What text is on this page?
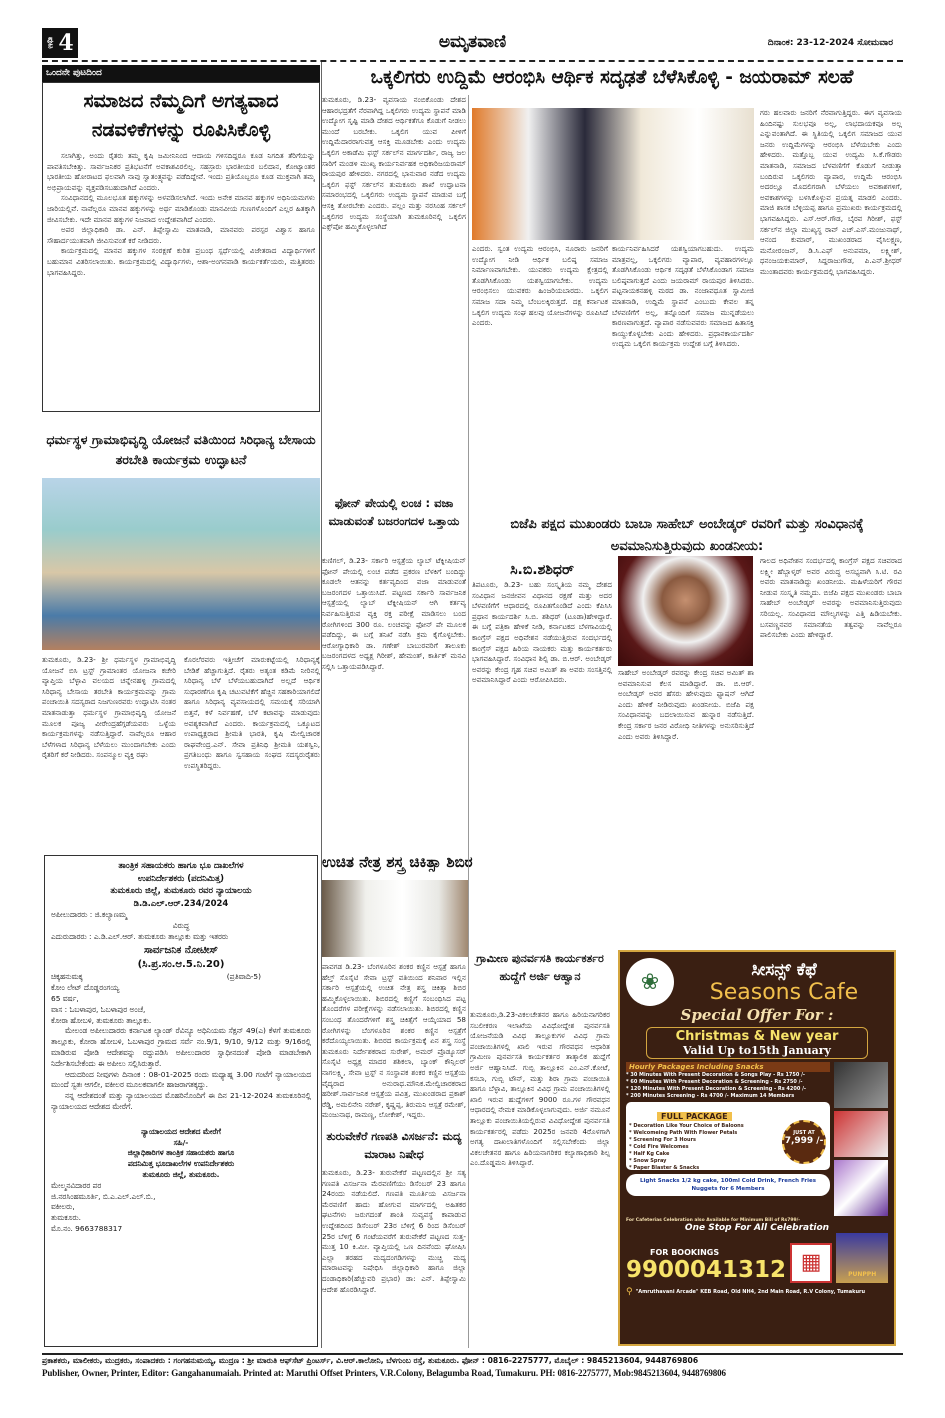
ಪುಟ 4	ಅಮೃತವಾಣಿ	ದಿನಾಂಕ: 23-12-2024 ಸೋಮವಾರ
ಒಂದನೇ ಪುಟದಿಂದ
ಸಮಾಜದ ನೆಮ್ಮದಿಗೆ ಅಗತ್ಯವಾದ ನಡವಳಿಕೆಗಳನ್ನು ರೂಪಿಸಿಕೊಳ್ಳಿ

ಸಲಾಗಿತ್ತು, ಅಂದು ರೈತರು ತಮ್ಮ ಕೃಷಿ ಜಮೀನಿನಿಂದ ಆದಾಯ ಗಳಿಸದಿದ್ದರೂ ಕೂಡ ನಿಗದಿತ ತೆರಿಗೆಯನ್ನು ಪಾವತಿಸಬೇಕಿತ್ತು. ಸಾರ್ವಜನಿಕರ ಪ್ರತಿಭಟನೆಗೆ ಅವಕಾಶವಿರಲಿಲ್ಲ. ಸಹಸ್ರಾರು ಭಾರತೀಯರ ಬಲಿದಾನ, ಕೋಟ್ಯಾಂತರ ಭಾರತೀಯ ಹೋರಾಟದ ಫಲವಾಗಿ ನಾವು ಸ್ವಾತಂತ್ರ್ಯವನ್ನು ಪಡೆದಿದ್ದೇವೆ. ಇಂದು ಪ್ರತಿಯೊಬ್ಬರೂ ಕೂಡ ಮುಕ್ತವಾಗಿ ತಮ್ಮ ಅಭಿಪ್ರಾಯವನ್ನು ವ್ಯಕ್ತಪಡಿಸಬಹುದಾಗಿದೆ ಎಂದರು.

ಸಂವಿಧಾನದಲ್ಲಿ ಮೂಲಭೂತ ಹಕ್ಕುಗಳನ್ನು ಅಳವಡಿಸಲಾಗಿದೆ. ಇಂದು ಅನೇಕ ಮಾನವ ಹಕ್ಕುಗಳ ಅಧಿನಿಯಮಗಳು ಜಾರಿಯಲ್ಲಿವೆ. ನಾವೆಲ್ಲರೂ ಮಾನವ ಹಕ್ಕುಗಳನ್ನು ಅರ್ಥ ಮಾಡಿಕೊಂಡು ಮಾನವೀಯ ಗುಣಗಳೊಂದಿಗೆ ಎಲ್ಲರ ಹಿತಕ್ಕಾಗಿ ಜೀವಿಸಬೇಕು. ಇದೇ ಮಾನವ ಹಕ್ಕುಗಳ ನಿಜವಾದ ಉದ್ದೇಶವಾಗಿದೆ ಎಂದರು.

ಅಪರ ಜಿಲ್ಲಾಧಿಕಾರಿ ಡಾ. ಎನ್. ತಿಪ್ಪೇಸ್ವಾಮಿ ಮಾತನಾಡಿ, ಮಾನವರು ಪರಸ್ಪರ ವಿಶ್ವಾಸ ಹಾಗೂ ಸೌಹಾರ್ದಯುತವಾಗಿ ಜೀವಿಸುವಂತೆ ಕರೆ ನೀಡಿದರು.

ಕಾರ್ಯಕ್ರಮದಲ್ಲಿ ಮಾನವ ಹಕ್ಕುಗಳ ಸಂರಕ್ಷಣೆ ಕುರಿತ ಪ್ರಬಂಧ ಸ್ಪರ್ಧೆಯಲ್ಲಿ ವಿಜೇತರಾದ ವಿದ್ಯಾರ್ಥಿಗಳಿಗೆ ಬಹುಮಾನ ವಿತರಿಸಲಾಯಿತು. ಕಾರ್ಯಕ್ರಮದಲ್ಲಿ ವಿದ್ಯಾರ್ಥಿಗಳು, ಆಶಾ-ಅಂಗನವಾಡಿ ಕಾರ್ಯಕರ್ತೆಯರು, ಮತ್ತಿತರರು ಭಾಗವಹಿಸಿದ್ದರು.

ಧರ್ಮಸ್ಥಳ ಗ್ರಾಮಾಭಿವೃದ್ಧಿ ಯೋಜನೆ ವತಿಯಿಂದ ಸಿರಿಧಾನ್ಯ ಬೇಸಾಯ ತರಬೇತಿ ಕಾರ್ಯಕ್ರಮ ಉದ್ಘಾಟನೆ
ತುಮಕೂರು, ಡಿ.23- ಶ್ರೀ ಧರ್ಮಸ್ಥಳ ಗ್ರಾಮಾಭಿವೃದ್ಧಿ ಯೋಜನೆ ಬಿಸಿ ಟ್ರಸ್ಟ್ ಗ್ರಾಮಾಂತರ ಯೋಜನಾ ಕಚೇರಿ ವ್ಯಾಪ್ತಿಯ ಬೆಳ್ಳಾವಿ ವಲಯದ ಚನ್ನೇನಹಳ್ಳಿ ಗ್ರಾಮದಲ್ಲಿ ಸಿರಿಧಾನ್ಯ ಬೇಸಾಯ ತರಬೇತಿ ಕಾರ್ಯಕ್ರಮವನ್ನು ಗ್ರಾಮ ಪಂಚಾಯಿತಿ ಸದಸ್ಯರಾದ ನಿಜಗುಣರವರು ಉದ್ಘಾಟಿಸಿ ನಂತರ ಮಾತನಾಡುತ್ತಾ ಧರ್ಮಸ್ಥಳ ಗ್ರಾಮಾಭಿವೃದ್ಧಿ ಯೋಜನೆ ಮೂಲಕ ಪೂಜ್ಯ ವೀರೇಂದ್ರಹೆಗ್ಗಡೆಯವರು ಒಳ್ಳೆಯ ಕಾರ್ಯಕ್ರಮಗಳನ್ನು ನಡೆಸುತ್ತಿದ್ದಾರೆ. ನಾವೆಲ್ಲರೂ ಆಹಾರ ಬೆಳೆಗಳಾದ ಸಿರಿಧಾನ್ಯ ಬೆಳೆಯಲು ಮುಂದಾಗಬೇಕು ಎಂದು ರೈತರಿಗೆ ಕರೆ ನೀಡಿದರು. ಸಂಪನ್ಮೂಲ ವ್ಯಕ್ತಿ ರಘು
ಕೊರಲೆರವರು ಇತ್ತೀಚೆಗೆ ಮಾರುಕಟ್ಟೆಯಲ್ಲಿ ಸಿರಿಧಾನ್ಯಕ್ಕೆ ಬೇಡಿಕೆ ಹೆಚ್ಚಾಗುತ್ತಿದೆ. ರೈತರು ಅತ್ಯಂತ ಕಡಿಮೆ ನೀರಿನಲ್ಲಿ ಸಿರಿಧಾನ್ಯ ಬೆಳೆ ಬೆಳೆಯಬಹುದಾಗಿದೆ ಅಲ್ಲದೆ ಆರ್ಥಿಕ ಸುಧಾರಣೆಗೂ ಕೃಷಿ ಚಟುವಟಿಕೆಗೆ ಹೆಚ್ಚಿನ ಸಹಕಾರಿಯಾಗಲಿದೆ ಹಾಗೂ ಸಿರಿಧಾನ್ಯ ವ್ಯವಸಾಯದಲ್ಲಿ ಸಮಯಕ್ಕೆ ಸರಿಯಾಗಿ ಬಿತ್ತನೆ, ಕಳೆ ನಿರ್ವಹಣೆ, ಬೆಳೆ ಕಟಾವನ್ನು ಮಾಡುವುದು ಅವಶ್ಯಕವಾಗಿದೆ ಎಂದರು. ಕಾರ್ಯಕ್ರಮದಲ್ಲಿ ಒಕ್ಕೂಟದ ಉಪಾಧ್ಯಕ್ಷರಾದ ಶ್ರೀಮತಿ ಭಾರತಿ, ಕೃಷಿ ಮೇಲ್ವಿಚಾರಕ ರಾಘವೇಂದ್ರ.ಎನ್. ಸೇವಾ ಪ್ರತಿನಿಧಿ ಶ್ರೀಮತಿ ಯಶಸ್ವಿನಿ, ಪ್ರಗತಿಬಂಧು ಹಾಗೂ ಸ್ವಸಹಾಯ ಸಂಘದ ಸದಸ್ಯರುರೈತರು ಉಪಸ್ಥಿತರಿದ್ದರು.
ತಾಂತ್ರಿಕ ಸಹಾಯಕರು ಹಾಗೂ ಭೂ ದಾಖಲೆಗಳ
ಉಪನಿರ್ದೇಶಕರು (ಪದನಿಮಿತ್ತ)
ತುಮಕೂರು ಜಿಲ್ಲೆ, ತುಮಕೂರು ರವರ ನ್ಯಾಯಾಲಯ
ಡಿ.ಡಿ.ಎಲ್.ಆರ್.234/2024
ಅಪೀಲುದಾರರು : ಜಿ.ಕಲ್ಯಾಣಮ್ಮ
ವಿರುದ್ಧ
ಎದುರುದಾರರು : ಎ.ಡಿ.ಎಲ್.ಆರ್. ತುಮಕೂರು ತಾಲ್ಲೂಕು ಮತ್ತು ಇತರರು
ಸಾರ್ವಜನಿಕ ನೋಟೀಸ್
(ಸಿ.ಪ್ರ.ಸಂ.ಆ.5.ನಿ.20)
ಚಿಕ್ಕಹನುಮಕ್ಕ	(ಪ್ರತಿವಾದಿ-5)
ಕೋಂ ಲೇಟ್ ದೊಡ್ಡರಂಗಯ್ಯ
65 ವರ್ಷ,
ವಾಸ : ಓಬಳಾಪುರ, ಓಬಳಾಪುರ ಅಂಚೆ,
ಕೋರಾ ಹೋಬಳಿ, ತುಮಕೂರು ತಾಲ್ಲೂಕು.

ಮೇಲಂಡ ಅಪೀಲುದಾರರು ಕರ್ನಾಟಕ ಲ್ಯಾಂಡ್ ರೆವಿನ್ಯೂ ಅಧಿನಿಯಮ ಸೆಕ್ಷನ್ 49(ಎ) ಕೆಳಗೆ ತುಮಕೂರು ತಾಲ್ಲೂಕು, ಕೋರಾ ಹೋಬಳಿ, ಓಬಳಾಪುರ ಗ್ರಾಮದ ಸರ್ವೆ ನಂ.9/1, 9/10, 9/12 ಮತ್ತು 9/16ರಲ್ಲಿ ಮಾಡಿರುವ ಪೋಡಿ ಆದೇಶವನ್ನು ರದ್ದುಪಡಿಸಿ ಅಪೀಲುದಾರರ ಸ್ವಾಧೀನದಂತೆ ಪೋಡಿ ಮಾಡಬೇಕಾಗಿ ನಿರ್ದೇಶಿಸಬೇಕೆಂದು ಈ ಅಪೀಲು ಸಲ್ಲಿಸಿರುತ್ತಾರೆ.

ಆದುದರಿಂದ ನೀವುಗಳು ದಿನಾಂಕ : 08-01-2025 ರಂದು ಮಧ್ಯಾಹ್ನ 3.00 ಗಂಟೆಗೆ ನ್ಯಾಯಾಲಯದ ಮುಂದೆ ಸ್ವತಃ ಆಗಲೀ, ವಕೀಲರ ಮೂಲಕವಾಗಲೀ ಹಾಜರಾಗತಕ್ಕದ್ದು.

ನನ್ನ ಆದೇಶದಂತೆ ಮತ್ತು ನ್ಯಾಯಾಲಯದ ಮೊಹರಿನೊಂದಿಗೆ ಈ ದಿನ 21-12-2024 ತುಮಕೂರಿನಲ್ಲಿ ನ್ಯಾಯಾಲಯದ ಆದೇಶದ ಮೇರೆಗೆ.

ನ್ಯಾಯಾಲಯದ ಆದೇಶದ ಮೇರೆಗೆ
ಸಹಿ/-
ಜಿಲ್ಲಾಧಿಕಾರಿಗಳ ತಾಂತ್ರಿಕ ಸಹಾಯಕರು ಹಾಗೂ
ಪದನಿಮಿತ್ತ ಭೂದಾಖಲೆಗಳ ಉಪನಿರ್ದೇಶಕರು
ತುಮಕೂರು ಜಿಲ್ಲೆ, ತುಮಕೂರು.
ಮೇಲ್ಮನವಿದಾರರ ಪರ
ಜಿ.ನರಸಿಂಹಮೂರ್ತಿ, ಬಿ.ಎ.ಎಲ್.ಎಲ್.ಬಿ.,
ವಕೀಲರು,
ತುಮಕೂರು.
ಮೊ.ನಂ. 9663788317
ಒಕ್ಕಲಿಗರು ಉದ್ದಿಮೆ ಆರಂಭಿಸಿ ಆರ್ಥಿಕ ಸದೃಢತೆ ಬೆಳೆಸಿಕೊಳ್ಳಿ - ಜಯರಾಮ್ ಸಲಹೆ
ತುಮಕೂರು, ಡಿ.23- ವ್ಯವಸಾಯ ನಂಬಿಕೊಂಡು ದೇಶದ ಆಹಾರಭದ್ರತೆಗೆ ನೆರವಾಗಿದ್ದ ಒಕ್ಕಲಿಗರು ಉದ್ಯಮ ಸ್ಥಾಪನೆ ಮಾಡಿ ಉದ್ಯೋಗ ಸೃಷ್ಟಿ ಮಾಡಿ ದೇಶದ ಆರ್ಥಿಕತೆಗೂ ಕೊಡುಗೆ ನೀಡಲು ಮುಂದೆ ಬರಬೇಕು. ಒಕ್ಕಲಿಗ ಯುವ ಪೀಳಿಗೆ ಉದ್ದಿಮೆದಾರರಾಗುವತ್ತ ಆಸಕ್ತಿ ಮೂಡಬೇಕು ಎಂದು ಉದ್ಯಮ ಒಕ್ಕಲಿಗ ಅಕಾಡೆಮಿ ಫಸ್ಟ್ ಸರ್ಕಲ್‌ನ ಮಾರ್ಗದರ್ಶಿ, ರಾಜ್ಯ ಜಲ ಸಾರಿಗೆ ಮಂಡಳಿ ಮುಖ್ಯ ಕಾರ್ಯನಿರ್ವಹಕ ಅಧಿಕಾರಿಜಯರಾಮ್ ರಾಯಪುರ ಹೇಳಿದರು. ನಗರದಲ್ಲಿ ಭಾನುವಾರ ನಡೆದ ಉದ್ಯಮ ಒಕ್ಕಲಿಗ ಫಸ್ಟ್ ಸರ್ಕಲ್‌ನ ತುಮಕೂರು ಶಾಖೆ ಉದ್ಘಾಟನಾ ಸಮಾರಂಭದಲ್ಲಿ ಒಕ್ಕಲಿಗರು ಉದ್ಯಮ ಸ್ಥಾಪನೆ ಮಾಡುವ ಬಗ್ಗೆ ಆಸಕ್ತಿ ತೋರಬೇಕು ಎಂದರು. ಪಲ್ಲಂ ಮತ್ತು ನರಸಿಂಹ ಸರ್ಕಲ್ ಒಕ್ಕಲಿಗರ ಉದ್ಯಮ ಸಂಸ್ಥೆಯಾಗಿ ತುಮಕೂರಿನಲ್ಲಿ ಒಕ್ಕಲಿಗ ಎಕ್ಸ್‌ಪೋ ಹಮ್ಮಿಕೊಳ್ಳಲಾಗಿದೆ
ಎಂದರು. ಸ್ವಂತ ಉದ್ಯಮ ಆರಂಭಿಸಿ, ನೂರಾರು ಜನರಿಗೆ ಉದ್ಯೋಗ ನೀಡಿ ಆರ್ಥಿಕ ಬಲಿಷ್ಠ ಸಮಾಜ ನಿರ್ಮಾಣವಾಗಬೇಕು. ಯುವಕರು ಉದ್ಯಮ ಕ್ಷೇತ್ರದಲ್ಲಿ ತೊಡಗಿಸಿಕೊಂಡು ಯಶಸ್ವಿಯಾಗಬೇಕು. ಉದ್ಯಮ ಆರಂಭಿಸಲು ಯುವಕರು ಹಿಂಜರಿಯಬಾರದು. ಒಕ್ಕಲಿಗ ಸಮಾಜ ಸದಾ ನಿಮ್ಮ ಬೆಂಬಲಕ್ಕಿರುತ್ತದೆ. ದಕ್ಷ ಕರ್ನಾಟಕ ಒಕ್ಕಲಿಗ ಉದ್ಯಮ ಸಂಘ ಹಲವು ಯೋಜನೆಗಳನ್ನು ರೂಪಿಸಿದೆ ಎಂದರು.
ಕಾರ್ಯನಿರ್ವಹಿಸಿದರೆ ಯಶಸ್ವಿಯಾಗಬಹುದು. ಉದ್ಯಮ ಮಾತ್ರವಲ್ಲ, ಒಕ್ಕಲಿಗರು ವ್ಯಾಪಾರ, ವ್ಯವಹಾರಗಳಲ್ಲೂ ತೊಡಗಿಸಿಕೊಂಡು ಆರ್ಥಿಕ ಸದೃಢತೆ ಬೆಳೆಸಿಕೊಂಡಾಗ ಸಮಾಜ ಬಲಿಷ್ಠವಾಗುತ್ತದೆ ಎಂದು ಜಯರಾಮ್ ರಾಯಪುರ ತಿಳಿಸಿದರು. ಪಟ್ಟನಾಯಕನಹಳ್ಳಿ ಮಠದ ಡಾ. ನಂಜಾವಧೂತ ಸ್ವಾಮೀಜಿ ಮಾತನಾಡಿ, ಉದ್ದಿಮೆ ಸ್ಥಾಪನೆ ಎಂಬುದು ಕೇವಲ ತನ್ನ ಬೆಳವಣಿಗೆಗೆ ಅಲ್ಲ, ತನ್ನೊಂದಿಗೆ ಸಮಾಜ ಮುನ್ನಡೆಯಲು ಕಾರಣವಾಗುತ್ತದೆ. ವ್ಯಾಪಾರ ನಡೆಸುವವರು ಸಮಾಜದ ಹಿತಾಸಕ್ತಿ ಕಾಯ್ದುಕೊಳ್ಳಬೇಕು ಎಂದು ಹೇಳಿದರು. ಪ್ರಧಾನಕಾರ್ಯದರ್ಶಿ ಉದ್ಯಮ ಒಕ್ಕಲಿಗ ಕಾರ್ಯಕ್ರಮ ಉದ್ದೇಶ ಬಗ್ಗೆ ತಿಳಿಸಿದರು.
ಗರು ಹಲವಾರು ಜನರಿಗೆ ನೆರವಾಗುತ್ತಿದ್ದರು. ಈಗ ವ್ಯವಸಾಯ ಹಿಂದಿನಷ್ಟು ಸುಲಭವೂ ಅಲ್ಲ, ಲಾಭದಾಯಕವೂ ಅಲ್ಲ ಎನ್ನುವಂತಾಗಿದೆ. ಈ ಸ್ಥಿತಿಯಲ್ಲಿ ಒಕ್ಕಲಿಗ ಸಮಾಜದ ಯುವ ಜನರು ಉದ್ದಿಮೆಗಳನ್ನು ಆರಂಭಿಸಿ ಬೆಳೆಯಬೇಕು ಎಂದು ಹೇಳಿದರು. ಮತ್ತೊಬ್ಬ ಯುವ ಉದ್ಯಮಿ ಸಿ.ಕೆ.ಗೌಡರು ಮಾತನಾಡಿ, ಸಮಾಜದ ಬೆಳವಣಿಗೆಗೆ ಕೊಡುಗೆ ನೀಡುತ್ತಾ ಬಂದಿರುವ ಒಕ್ಕಲಿಗರು ವ್ಯಾಪಾರ, ಉದ್ದಿಮೆ ಆರಂಭಿಸಿ ಅದರಲ್ಲೂ ಮೊದಲಿಗರಾಗಿ ಬೆಳೆಯಲು ಅವಕಾಶಗಳಿಗೆ, ಅವಕಾಶಗಳನ್ನು ಬಳಸಿಕೊಳ್ಳುವ ಪ್ರಯತ್ನ ಮಾಡಲಿ ಎಂದರು. ಮಾಜಿ ಶಾಸಕ ಬೆಳ್ಳಿಯಪ್ಪ ಹಾಗೂ ಪ್ರಮುಖರು ಕಾರ್ಯಕ್ರಮದಲ್ಲಿ ಭಾಗವಹಿಸಿದ್ದರು. ಎಸ್.ಆರ್.ಗೌಡ, ಬೈರವ ಗಿರೀಶ್, ಫಸ್ಟ್ ಸರ್ಕಲ್‌ನ ಜಿಲ್ಲಾ ಮುಖ್ಯಸ್ಥ ರಾವ್ ಎಚ್.ಎಸ್.ಮಂಜುನಾಥ್, ಆನಂದ ಕುಮಾರ್, ಮುಖಂಡರಾದ ವೈಸಿಲಕ್ಷ್ಮಣ, ಮನೋರಂಜನ್, ಡಿ.ಸಿ.ಎಫ್ ಅನುಪಮಾ, ಲಕ್ಷ್ಮೀಶ್, ಧನಂಜಯಕುಮಾರ್, ಸಿದ್ದರಾಜುಗೌಡ, ಪಿ.ಎನ್.ಶ್ರೀಧರ್ ಮುಂತಾದವರು ಕಾರ್ಯಕ್ರಮದಲ್ಲಿ ಭಾಗವಹಿಸಿದ್ದರು.
ಫೋನ್ ಪೇಯಲ್ಲಿ ಲಂಚ : ವಜಾ ಮಾಡುವಂತೆ ಬಜರಂಗದಳ ಒತ್ತಾಯ
ಕುಣಿಗಲ್, ಡಿ.23- ಸರ್ಕಾರಿ ಆಸ್ಪತ್ರೆಯ ಲ್ಯಾಬ್ ಟೆಕ್ನೀಷಿಯನ್ ಫೋನ್ ಪೇಯಲ್ಲಿ ಲಂಚ ಪಡೆದ ಪ್ರಕರಣ ಬೆಳಕಿಗೆ ಬಂದಿದ್ದು ಕೂಡಲೇ ಆತನನ್ನು ಕರ್ತವ್ಯದಿಂದ ವಜಾ ಮಾಡುವಂತೆ ಬಜರಂಗದಳ ಒತ್ತಾಯಿಸಿದೆ. ಪಟ್ಟಣದ ಸರ್ಕಾರಿ ಸಾರ್ವಜನಿಕ ಆಸ್ಪತ್ರೆಯಲ್ಲಿ ಲ್ಯಾಬ್ ಟೆಕ್ನೀಷಿಯನ್ ಆಗಿ ಕರ್ತವ್ಯ ನಿರ್ವಹಿಸುತ್ತಿರುವ ವ್ಯಕ್ತಿ ರಕ್ತ ಪರೀಕ್ಷೆ ಮಾಡಿಸಲು ಬಂದ ರೋಗಿಗಳಿಂದ 300 ರೂ. ಲಂಚವನ್ನು ಫೋನ್ ಪೇ ಮೂಲಕ ಪಡೆದಿದ್ದು, ಈ ಬಗ್ಗೆ ತನಿಖೆ ನಡೆಸಿ ಕ್ರಮ ಕೈಗೊಳ್ಳಬೇಕು. ಆರೋಗ್ಯಾಧಿಕಾರಿ ಡಾ. ಗಣೇಶ್ ಬಾಬುರವರಿಗೆ ತಾಲೂಕು ಬಜರಂಗದಳದ ಅಧ್ಯಕ್ಷ ಗಿರೀಶ್, ಹೇಮಂತ್, ಕಾರ್ತಿಕ್ ಮನವಿ ಸಲ್ಲಿಸಿ ಒತ್ತಾಯಪಡಿಸಿದ್ದಾರೆ.
ಉಚಿತ ನೇತ್ರ ಶಸ್ತ್ರ ಚಿಕಿತ್ಸಾ ಶಿಬಿರ
ಪಾವಗಡ ಡಿ.23- ಬೆಂಗಳೂರಿನ ಶಂಕರ ಕಣ್ಣಿನ ಆಸ್ಪತ್ರೆ ಹಾಗೂ ಹೆಲ್ತ್ ಸೊಸೈಟಿ ಸೇವಾ ಟ್ರಸ್ಟ್ ವತಿಯಿಂದ ಶನಿವಾರ ಇಲ್ಲಿನ ಸರ್ಕಾರಿ ಆಸ್ಪತ್ರೆಯಲ್ಲಿ ಉಚಿತ ನೇತ್ರ ಶಸ್ತ್ರ ಚಿಕಿತ್ಸಾ ಶಿಬಿರ ಹಮ್ಮಿಕೊಳ್ಳಲಾಯಿತು. ಶಿಬಿರದಲ್ಲಿ ಕಣ್ಣಿಗೆ ಸಂಬಂಧಿಸಿದ ಪಟ್ಟ ತೊಂದರೆಗಳ ಪರೀಕ್ಷೆಗಳನ್ನು ನಡೆಸಲಾಯಿತು. ಶಿಬಿರದಲ್ಲಿ ಕಣ್ಣಿನ ಸಂಬಂಧ ತೊಂದರೆಗಳಿಗೆ ಶಸ್ತ್ರ ಚಿಕಿತ್ಸೆಗೆ ಆಯ್ಕೆಯಾದ 58 ರೋಗಿಗಳನ್ನು ಬೆಂಗಳೂರಿನ ಶಂಕರ ಕಣ್ಣಿನ ಆಸ್ಪತ್ರೆಗೆ ಕರೆದೊಯ್ಯಲಾಯಿತು. ಶಿಬಿರದ ಕಾರ್ಯಕ್ರಮಕ್ಕೆ ಏನ ಶಸ್ತ್ರ ಸಂಸ್ಥೆ ತುಮಕೂರು ನಿರ್ದೇಶಕರಾದ ಸುರೇಶ್, ಅಮರ್ ಪ್ರೊಡ್ಯೂಸರ್ ಸೊಸೈಟಿ ಅಧ್ಯಕ್ಷ ಮಾದರ ಶಶಿಕಲಾ, ಬ್ಯಾಂಕ್ ಕೌನ್ಸಿಲರ್ ನಾಗಲಕ್ಷ್ಮಿ, ಸೇವಾ ಟ್ರಸ್ಟ್ ನ ಸಂಸ್ಥಾಪಕ ಶಂಕರ ಕಣ್ಣಿನ ಆಸ್ಪತ್ರೆಯ ವೈದ್ಯರಾದ ಅನುರಾಧ.ಮೌನಿಕ.ಮೇಲ್ವಿಚಾರಕರಾದ ಹರೀಶ್.ಸಾರ್ವಜನಿಕ ಆಸ್ಪತ್ರೆಯ ಪವಿತ್ರ, ಮುಖಂಡರಾದ ಪ್ರಕಾಶ್ ರೆಡ್ಡಿ, ಅಮಲಿನೇನಿ ನರೇಶ್, ಕೃಷ್ಣಪ್ಪ, ತಿರುಮನಿ ಆಸ್ಪತ್ರೆ ರಮೇಶ್, ಮಂಜುನಾಥ, ರಾಮಣ್ಣ, ಲೋಕೇಶ್, ಇದ್ದರು.
ತುರುವೇಕೆರೆ ಗಣಪತಿ ವಿಸರ್ಜನೆ: ಮದ್ಯ ಮಾರಾಟ ನಿಷೇಧ
ತುಮಕೂರು, ಡಿ.23- ತುರುವೇಕೆರೆ ಪಟ್ಟಣದಲ್ಲಿನ ಶ್ರೀ ಸತ್ಯ ಗಣಪತಿ ವಿಸರ್ಜನಾ ಮೆರವಣಿಗೆಯು ಡಿಸೆಂಬರ್ 23 ಹಾಗೂ 24ರಂದು ನಡೆಯಲಿದೆ. ಗಣಪತಿ ಮೂರ್ತಿಯ ವಿಸರ್ಜನಾ ಮೆರವಣಿಗೆ ಹಾದು ಹೋಗುವ ಮಾರ್ಗದಲ್ಲಿ ಅಹಿತಕರ ಘಟನೆಗಳು ಜರುಗದಂತೆ ಶಾಂತಿ ಸುವ್ಯವಸ್ಥೆ ಕಾಪಾಡುವ ಉದ್ದೇಶದಿಂದ ಡಿಸೆಂಬರ್ 23ರ ಬೆಳಿಗ್ಗೆ 6 ರಿಂದ ಡಿಸೆಂಬರ್ 25ರ ಬೆಳಿಗ್ಗೆ 6 ಗಂಟೆಯವರೆಗೆ ತುರುವೇಕೆರೆ ಪಟ್ಟಣದ ಸುತ್ತ-ಮುತ್ತ 10 ಕಿ.ಮೀ. ವ್ಯಾಪ್ತಿಯಲ್ಲಿ ಒಣ ದಿನವೆಂದು ಘೋಷಿಸಿ ಎಲ್ಲಾ ತರಹದ ಮದ್ಯದಂಗಡಿಗಳನ್ನು ಮುಚ್ಚಿ ಮದ್ಯ ಮಾರಾಟವನ್ನು ನಿಷೇಧಿಸಿ ಜಿಲ್ಲಾಧಿಕಾರಿ ಹಾಗೂ ಜಿಲ್ಲಾ ದಂಡಾಧಿಕಾರಿ(ಹೆಚ್ಚುವರಿ ಪ್ರಭಾರ) ಡಾ: ಎನ್. ತಿಪ್ಪೇಸ್ವಾಮಿ ಆದೇಶ ಹೊರಡಿಸಿದ್ದಾರೆ.
ಬಿಜೆಪಿ ಪಕ್ಷದ ಮುಖಂಡರು ಬಾಬಾ ಸಾಹೇಬ್ ಅಂಬೇಡ್ಕರ್ ರವರಿಗೆ ಮತ್ತು ಸಂವಿಧಾನಕ್ಕೆ ಅವಮಾನಿಸುತ್ತಿರುವುದು ಖಂಡನೀಯ:
ಸಿ.ಬಿ.ಶಶಿಧರ್
ತಿಪಟೂರು, ಡಿ.23- ಬಹು ಸಂಸ್ಕೃತಿಯ ನಮ್ಮ ದೇಶದ ಸಂವಿಧಾನ ಜನಜೀವನ ವಿಧಾನದ ರಕ್ಷಣೆ ಮತ್ತು ಅದರ ಬೆಳವಣಿಗೆಗೆ ಆಧಾರದಲ್ಲಿ ರೂಪಿತಗೊಂಡಿದೆ ಎಂದು ಕೆಪಿಸಿಸಿ ಪ್ರಧಾನ ಕಾರ್ಯದರ್ಶಿ ಸಿ.ಬಿ. ಶಶಿಧರ್ (ಟೂಡಾ)ಹೇಳಿದ್ದಾರೆ. ಈ ಬಗ್ಗೆ ಪತ್ರಿಕಾ ಹೇಳಿಕೆ ನೀಡಿ, ಕರ್ನಾಟಕದ ಬೆಳಗಾವಿಯಲ್ಲಿ ಕಾಂಗ್ರೆಸ್ ಪಕ್ಷದ ಅಧಿವೇಶನ ನಡೆಯುತ್ತಿರುವ ಸಂದರ್ಭದಲ್ಲಿ ಕಾಂಗ್ರೆಸ್ ಪಕ್ಷದ ಹಿರಿಯ ನಾಯಕರು ಮತ್ತು ಕಾರ್ಯಕರ್ತರು ಭಾಗವಹಿಸಿದ್ದಾರೆ. ಸಂವಿಧಾನ ಶಿಲ್ಪಿ ಡಾ. ಬಿ.ಆರ್. ಅಂಬೇಡ್ಕರ್ ಅವರನ್ನು ಕೇಂದ್ರ ಗೃಹ ಸಚಿವ ಅಮಿತ್ ಶಾ ಅವರು ಸಂಸತ್ತಿನಲ್ಲಿ ಅವಮಾನಿಸಿದ್ದಾರೆ ಎಂದು ಆರೋಪಿಸಿದರು.
ಸಾಹೇಬ್ ಅಂಬೇಡ್ಕರ್ ರವರನ್ನು ಕೇಂದ್ರ ಸಚಿವ ಅಮಿತ್ ಶಾ ಅವಮಾನಿಸುವ ಕೆಲಸ ಮಾಡಿದ್ದಾರೆ. ಡಾ. ಬಿ.ಆರ್. ಅಂಬೇಡ್ಕರ್ ಅವರ ಹೆಸರು ಹೇಳುವುದು ಫ್ಯಾಷನ್ ಆಗಿದೆ ಎಂದು ಹೇಳಿಕೆ ನೀಡಿರುವುದು ಖಂಡನೀಯ. ಬಿಜೆಪಿ ಪಕ್ಷ ಸಂವಿಧಾನವನ್ನು ಬದಲಾಯಿಸುವ ಹುನ್ನಾರ ನಡೆಸುತ್ತಿದೆ. ಕೇಂದ್ರ ಸರ್ಕಾರ ಜನರ ವಿರೋಧಿ ನೀತಿಗಳನ್ನು ಅನುಸರಿಸುತ್ತಿದೆ ಎಂದು ಅವರು ತಿಳಿಸಿದ್ದಾರೆ.
ಗಾಲದ ಅಧಿವೇಶನ ಸಂದರ್ಭದಲ್ಲಿ ಕಾಂಗ್ರೆಸ್ ಪಕ್ಷದ ಸಚಿವರಾದ ಲಕ್ಷ್ಮೀ ಹೆಬ್ಬಾಳ್ಕರ್ ಅವರ ವಿರುದ್ಧ ಅಸಭ್ಯವಾಗಿ ಸಿ.ಟಿ. ರವಿ ಅವರು ಮಾತನಾಡಿದ್ದು ಖಂಡನೀಯ. ಮಹಿಳೆಯರಿಗೆ ಗೌರವ ನೀಡುವ ಸಂಸ್ಕೃತಿ ನಮ್ಮದು. ಬಿಜೆಪಿ ಪಕ್ಷದ ಮುಖಂಡರು ಬಾಬಾ ಸಾಹೇಬ್ ಅಂಬೇಡ್ಕರ್ ಅವರನ್ನು ಅವಮಾನಿಸುತ್ತಿರುವುದು ಸರಿಯಲ್ಲ. ಸಂವಿಧಾನದ ಮೌಲ್ಯಗಳನ್ನು ಎತ್ತಿ ಹಿಡಿಯಬೇಕು. ಬಸವಣ್ಣನವರ ಸಮಾನತೆಯ ತತ್ವವನ್ನು ನಾವೆಲ್ಲರೂ ಪಾಲಿಸಬೇಕು ಎಂದು ಹೇಳಿದ್ದಾರೆ.
ಗ್ರಾಮೀಣ ಪುನರ್ವಸತಿ ಕಾರ್ಯಕರ್ತರ ಹುದ್ದೆಗೆ ಅರ್ಜಿ ಆಹ್ವಾನ
ತುಮಕೂರು,ಡಿ.23-ವಿಕಲಚೇತನರ ಹಾಗೂ ಹಿರಿಯನಾಗರಿಕರ ಸಬಲೀಕರಣ ಇಲಾಖೆಯ ವಿವಿಧೋದ್ದೇಶ ಪುನರ್ವಸತಿ ಯೋಜನೆಯಡಿ ವಿವಿಧ ತಾಲ್ಲೂಕುಗಳ ವಿವಿಧ ಗ್ರಾಮ ಪಂಚಾಯಿತಿಗಳಲ್ಲಿ ಖಾಲಿ ಇರುವ ಗೌರವಧನ ಆಧಾರಿತ ಗ್ರಾಮೀಣ ಪುನರ್ವಸತಿ ಕಾರ್ಯಕರ್ತರ ತಾತ್ಕಾಲಿಕ ಹುದ್ದೆಗೆ ಅರ್ಜಿ ಆಹ್ವಾನಿಸಿದೆ. ಗುಬ್ಬಿ ತಾಲ್ಲೂಕಿನ ಎಂ.ಎನ್.ಕೋಟೆ, ಕಸಬಾ, ಗುಬ್ಬಿ ಟೌನ್, ಮತ್ತು ಶಿರಾ ಗ್ರಾಮ ಪಂಚಾಯಿತಿ ಹಾಗೂ ಬೆಳ್ಳಾವಿ, ತಾಲ್ಲೂಕಿನ ವಿವಿಧ ಗ್ರಾಮ ಪಂಚಾಯಿತಿಗಳಲ್ಲಿ ಖಾಲಿ ಇರುವ ಹುದ್ದೆಗಳಿಗೆ 9000 ರೂ.ಗಳ ಗೌರವಧನ ಆಧಾರದಲ್ಲಿ ನೇಮಕ ಮಾಡಿಕೊಳ್ಳಲಾಗುವುದು. ಅರ್ಜಿ ನಮೂನೆ ತಾಲ್ಲೂಕು ಪಂಚಾಯಿತಿಯಲ್ಲಿರುವ ವಿವಿಧೋದ್ದೇಶ ಪುನರ್ವಸತಿ ಕಾರ್ಯಕರ್ತರಲ್ಲಿ ಪಡೆದು 2025ರ ಜನವರಿ 4ರೊಳಗಾಗಿ ಅಗತ್ಯ ದಾಖಲಾತಿಗಳೊಂದಿಗೆ ಸಲ್ಲಿಸಬೇಕೆಂದು ಜಿಲ್ಲಾ ವಿಕಲಚೇತನರ ಹಾಗೂ ಹಿರಿಯನಾಗರಿಕರ ಕಲ್ಯಾಣಾಧಿಕಾರಿ ಶಿಲ್ಪ ಎಂ.ದೊಡ್ಡಮನಿ ತಿಳಿಸಿದ್ದಾರೆ.
❀	ಸೀಸನ್ಸ್ ಕೆಫೆ
Seasons Cafe
Special Offer For :
Christmas & New year
Valid Up to15th January
Hourly Packages Including Snacks
* 30 Minutes With Present Decoration & Songs Play - Rs 1750 /-
* 60 Minutes With Present Decoration & Screening - Rs 2750 /-
* 120 Minutes With Present Decoration & Screening - Rs 4200 /-
* 200 Minutes Screening - Rs 4700 /- Maximum 14 Members
FULL PACKAGE
* Decoration Like Your Choice of Baloons
* Welcomeing Path With Flower Petals
* Screening For 3 Hours
* Cold Fire Welcomes
* Half Kg Cake
* Snow Spray
* Paper Blaster & Snacks
JUST AT
7,999 /-
Light Snacks 1/2 kg cake, 100ml Cold Drink, French Fries Nuggets for 6 Members
For Cafeterias Celebration also Available for Minimum Bill of Rs799/-
One Stop For All Celebration
FOR BOOKINGS
9900041312 ▦	PUNPPH
⚲ "Amruthavani Arcade" KEB Road, Old NH4, 2nd Main Road, R.V Colony, Tumakuru
ಪ್ರಕಾಶಕರು, ಮಾಲೀಕರು, ಮುದ್ರಕರು, ಸಂಪಾದಕರು : ಗಂಗಹನುಮಯ್ಯ, ಮುದ್ರಣ : ಶ್ರೀ ಮಾರುತಿ ಆಫ್‌ಸೆಟ್ ಪ್ರಿಂಟರ್ಸ್, ವಿ.ಆರ್.ಕಾಲೋನಿ, ಬೆಳಗುಂಬ ರಸ್ತೆ, ತುಮಕೂರು. ಫೋನ್ : 0816-2275777, ಮೊಬೈಲ್ : 9845213604, 9448769806
Publisher, Owner, Printer, Editor: Gangahanumaiah. Printed at: Maruthi Offset Printers, V.R.Colony, Belagumba Road, Tumakuru. PH: 0816-2275777, Mob:9845213604, 9448769806
